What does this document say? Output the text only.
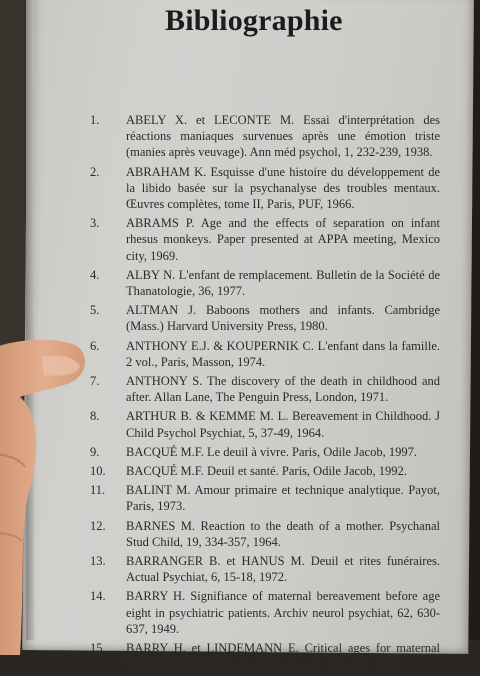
Bibliographie
1.	ABELY X. et LECONTE M. Essai d'interprétation des réactions maniaques survenues après une émotion triste (manies après veuvage). Ann méd psychol, 1, 232-239, 1938.
2.	ABRAHAM K. Esquisse d'une histoire du développement de la libido basée sur la psychanalyse des troubles mentaux. Œuvres complètes, tome II, Paris, PUF, 1966.
3.	ABRAMS P. Age and the effects of separation on infant rhesus monkeys. Paper presented at APPA meeting, Mexico city, 1969.
4.	ALBY N. L'enfant de remplacement. Bulletin de la Société de Thanatologie, 36, 1977.
5.	ALTMAN J. Baboons mothers and infants. Cambridge (Mass.) Harvard University Press, 1980.
6.	ANTHONY E.J. & KOUPERNIK C. L'enfant dans la famille. 2 vol., Paris, Masson, 1974.
7.	ANTHONY S. The discovery of the death in childhood and after. Allan Lane, The Penguin Press, London, 1971.
8.	ARTHUR B. & KEMME M. L. Bereavement in Childhood. J Child Psychol Psychiat, 5, 37-49, 1964.
9.	BACQUÉ M.F. Le deuil à vivre. Paris, Odile Jacob, 1997.
10.	BACQUÉ M.F. Deuil et santé. Paris, Odile Jacob, 1992.
11.	BALINT M. Amour primaire et technique analytique. Payot, Paris, 1973.
12.	BARNES M. Reaction to the death of a mother. Psychanal Stud Child, 19, 334-357, 1964.
13.	BARRANGER B. et HANUS M. Deuil et rites funéraires. Actual Psychiat, 6, 15-18, 1972.
14.	BARRY H. Signifiance of maternal bereavement before age eight in psychiatric patients. Archiv neurol psychiat, 62, 630-637, 1949.
15.	BARRY H. et LINDEMANN E. Critical ages for maternal bereavement. Psychosom medicine, 22, 166-181, 1960.
